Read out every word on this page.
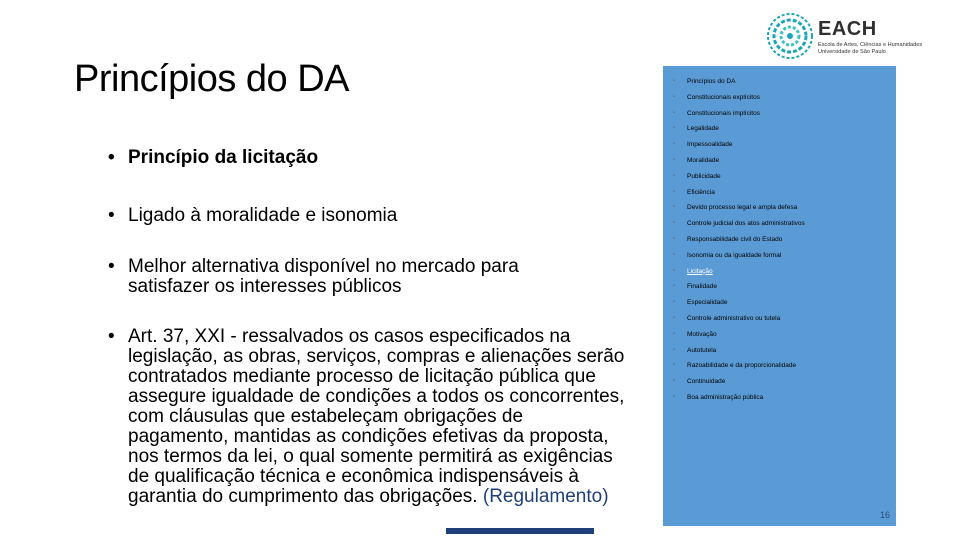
Princípios do DA
• Princípio da licitação
• Ligado à moralidade e isonomia
• Melhor alternativa disponível no mercado para satisfazer os interesses públicos
• Art. 37, XXI - ressalvados os casos especificados na legislação, as obras, serviços, compras e alienações serão contratados mediante processo de licitação pública que assegure igualdade de condições a todos os concorrentes, com cláusulas que estabeleçam obrigações de pagamento, mantidas as condições efetivas da proposta, nos termos da lei, o qual somente permitirá as exigências de qualificação técnica e econômica indispensáveis à garantia do cumprimento das obrigações. (Regulamento)
EACH
Escola de Artes, Ciências e Humanidades
Universidade de São Paulo
◦ Princípios do DA
◦ Constitucionais explícitos
◦ Constitucionais implícitos
◦ Legalidade
◦ Impessoalidade
◦ Moralidade
◦ Publicidade
◦ Eficiência
◦ Devido processo legal e ampla defesa
◦ Controle judicial dos atos administrativos
◦ Responsabilidade civil do Estado
◦ Isonomia ou da igualdade formal
◦ Licitação
◦ Finalidade
◦ Especialidade
◦ Controle administrativo ou tutela
◦ Motivação
◦ Autotutela
◦ Razoabilidade e da proporcionalidade
◦ Continuidade
◦ Boa administração pública
16
